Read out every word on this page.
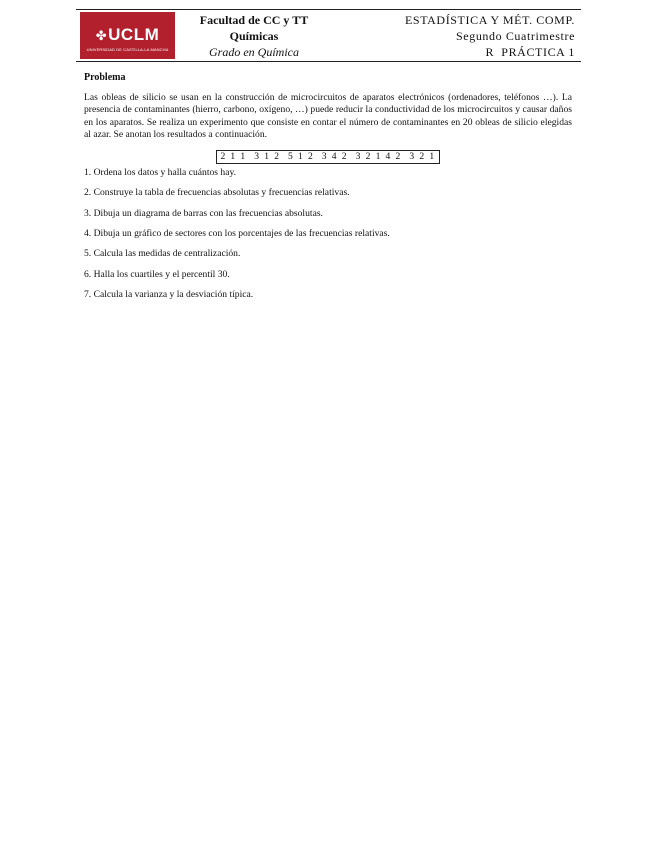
✤UCLM
UNIVERSIDAD DE CASTILLA-LA MANCHA
Facultad de CC y TT
Químicas
Grado en Química
ESTADÍSTICA Y MÉT. COMP.
Segundo Cuatrimestre
R  PRÁCTICA 1

Problema

Las obleas de silicio se usan en la construcción de microcircuitos de aparatos electrónicos (ordenadores, teléfonos …). La presencia de contaminantes (hierro, carbono, oxígeno, …) puede reducir la conductividad de los microcircuitos y causar daños en los aparatos. Se realiza un experimento que consiste en contar el número de contaminantes en 20 obleas de silicio elegidas al azar. Se anotan los resultados a continuación.

2 1 1  3 1 2  5 1 2  3 4 2  3 2 1 4 2  3 2 1
1. Ordena los datos y halla cuántos hay.
2. Construye la tabla de frecuencias absolutas y frecuencias relativas.
3. Dibuja un diagrama de barras con las frecuencias absolutas.
4. Dibuja un gráfico de sectores con los porcentajes de las frecuencias relativas.
5. Calcula las medidas de centralización.
6. Halla los cuartiles y el percentil 30.
7. Calcula la varianza y la desviación típica.
